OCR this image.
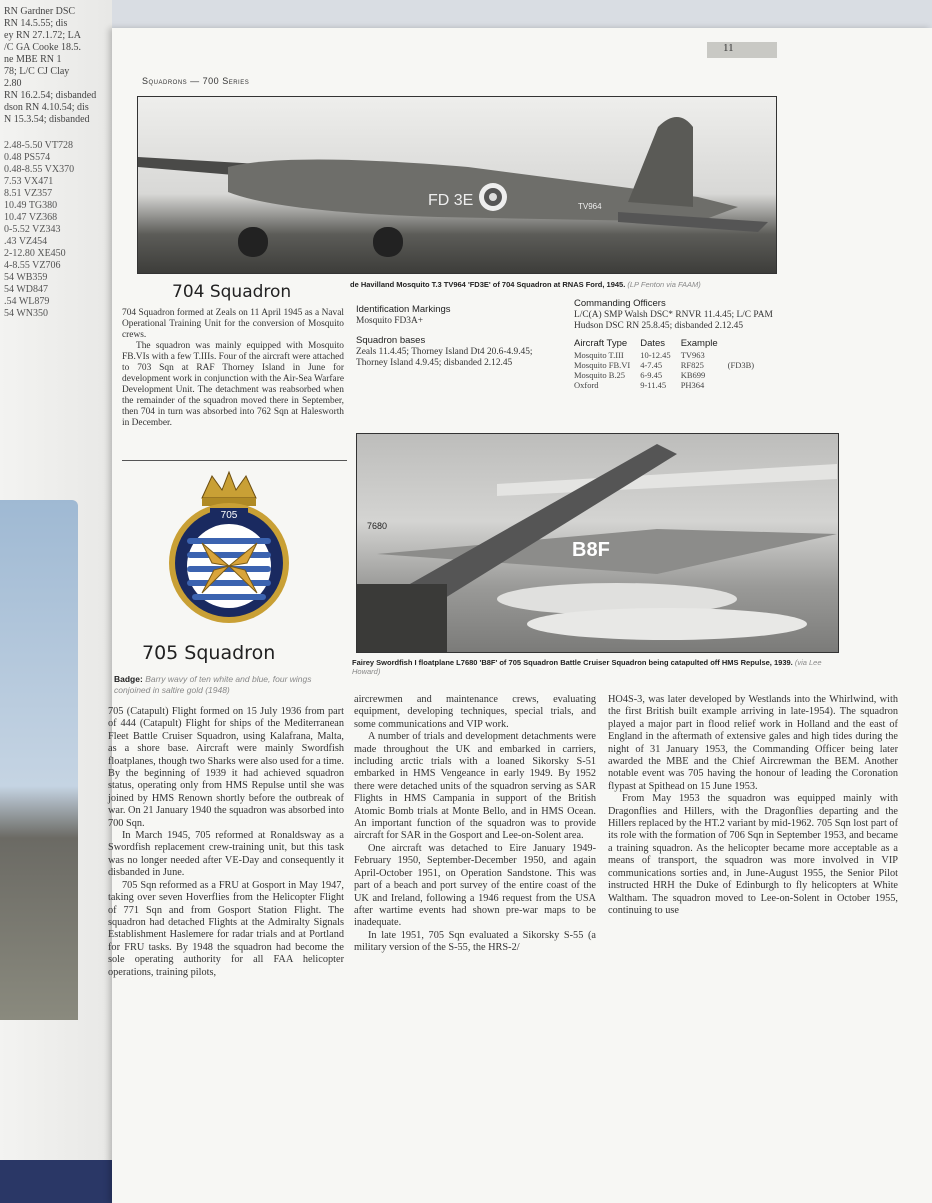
RN Gardner DSC
RN 14.5.55; dis
ey RN 27.1.72; LA
/C GA Cooke 18.5.
ne MBE RN 1
78; L/C CJ Clay
2.80
RN 16.2.54; disbanded
dson RN 4.10.54; dis
N 15.3.54; disbanded
2.48-5.50 VT728
0.48 PS574
0.48-8.55 VX370
7.53 VX471
8.51 VZ357
10.49 TG380
10.47 VZ368
0-5.52 VZ343
.43 VZ454
2-12.80 XE450
4-8.55 VZ706
54 WB359
54 WD847
.54 WL879
54 WN350
11
Squadrons — 700 Series
FD 3E	TV964
de Havilland Mosquito T.3 TV964 'FD3E' of 704 Squadron at RNAS Ford, 1945. (LP Fenton via FAAM)
704 Squadron

704 Squadron formed at Zeals on 11 April 1945 as a Naval Operational Training Unit for the conversion of Mosquito crews.

The squadron was mainly equipped with Mosquito FB.VIs with a few T.IIIs. Four of the aircraft were attached to 703 Sqn at RAF Thorney Island in June for development work in conjunction with the Air-Sea Warfare Development Unit. The detachment was reabsorbed when the remainder of the squadron moved there in September, then 704 in turn was absorbed into 762 Sqn at Halesworth in December.

Identification Markings
Mosquito FD3A+
Squadron bases
Zeals 11.4.45; Thorney Island Dt4 20.6-4.9.45; Thorney Island 4.9.45; disbanded 2.12.45
Commanding Officers
L/C(A) SMP Walsh DSC* RNVR 11.4.45; L/C PAM Hudson DSC RN 25.8.45; disbanded 2.12.45
Aircraft Type
Mosquito T.III
Mosquito FB.VI
Mosquito B.25
Oxford
Dates
10-12.45
4-7.45
6-9.45
9-11.45
Example
TV963
RF825
KB699
PH364

(FD3B)

705
B8F
7680
Fairey Swordfish I floatplane L7680 'B8F' of 705 Squadron Battle Cruiser Squadron being catapulted off HMS Repulse, 1939. (via Lee Howard)
705 Squadron
Badge: Barry wavy of ten white and blue, four wings conjoined in saltire gold (1948)

705 (Catapult) Flight formed on 15 July 1936 from part of 444 (Catapult) Flight for ships of the Mediterranean Fleet Battle Cruiser Squadron, using Kalafrana, Malta, as a shore base. Aircraft were mainly Swordfish floatplanes, though two Sharks were also used for a time. By the beginning of 1939 it had achieved squadron status, operating only from HMS Repulse until she was joined by HMS Renown shortly before the outbreak of war. On 21 January 1940 the squadron was absorbed into 700 Sqn.

In March 1945, 705 reformed at Ronaldsway as a Swordfish replacement crew-training unit, but this task was no longer needed after VE-Day and consequently it disbanded in June.

705 Sqn reformed as a FRU at Gosport in May 1947, taking over seven Hoverflies from the Helicopter Flight of 771 Sqn and from Gosport Station Flight. The squadron had detached Flights at the Admiralty Signals Establishment Haslemere for radar trials and at Portland for FRU tasks. By 1948 the squadron had become the sole operating authority for all FAA helicopter operations, training pilots,

aircrewmen and maintenance crews, evaluating equipment, developing techniques, special trials, and some communications and VIP work.

A number of trials and development detachments were made throughout the UK and embarked in carriers, including arctic trials with a loaned Sikorsky S-51 embarked in HMS Vengeance in early 1949. By 1952 there were detached units of the squadron serving as SAR Flights in HMS Campania in support of the British Atomic Bomb trials at Monte Bello, and in HMS Ocean. An important function of the squadron was to provide aircraft for SAR in the Gosport and Lee-on-Solent area.

One aircraft was detached to Eire January 1949-February 1950, September-December 1950, and again April-October 1951, on Operation Sandstone. This was part of a beach and port survey of the entire coast of the UK and Ireland, following a 1946 request from the USA after wartime events had shown pre-war maps to be inadequate.

In late 1951, 705 Sqn evaluated a Sikorsky S-55 (a military version of the S-55, the HRS-2/

HO4S-3, was later developed by Westlands into the Whirlwind, with the first British built example arriving in late-1954). The squadron played a major part in flood relief work in Holland and the east of England in the aftermath of extensive gales and high tides during the night of 31 January 1953, the Commanding Officer being later awarded the MBE and the Chief Aircrewman the BEM. Another notable event was 705 having the honour of leading the Coronation flypast at Spithead on 15 June 1953.

From May 1953 the squadron was equipped mainly with Dragonflies and Hillers, with the Dragonflies departing and the Hillers replaced by the HT.2 variant by mid-1962. 705 Sqn lost part of its role with the formation of 706 Sqn in September 1953, and became a training squadron. As the helicopter became more acceptable as a means of transport, the squadron was more involved in VIP communications sorties and, in June-August 1955, the Senior Pilot instructed HRH the Duke of Edinburgh to fly helicopters at White Waltham. The squadron moved to Lee-on-Solent in October 1955, continuing to use
